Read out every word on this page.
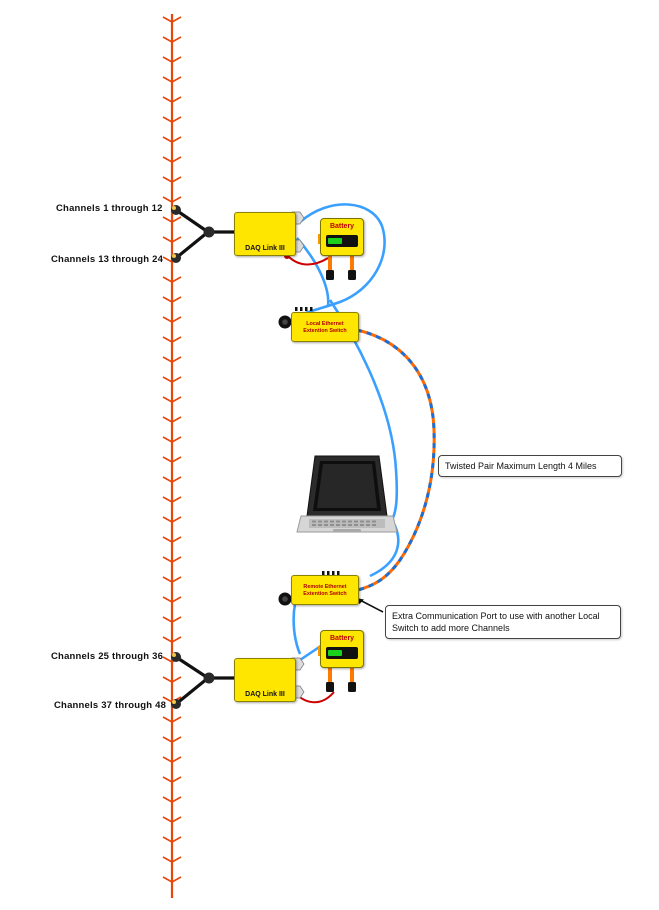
Channels 1 through 12
Channels 13 through 24
Channels 25 through 36
Channels 37 through 48
DAQ Link III
DAQ Link III
Local Ethernet
Extention Switch
Remote Ethernet
Extention Switch
Battery
Battery
Twisted Pair Maximum Length 4 Miles
Extra Communication Port to use with another Local Switch to add more Channels
